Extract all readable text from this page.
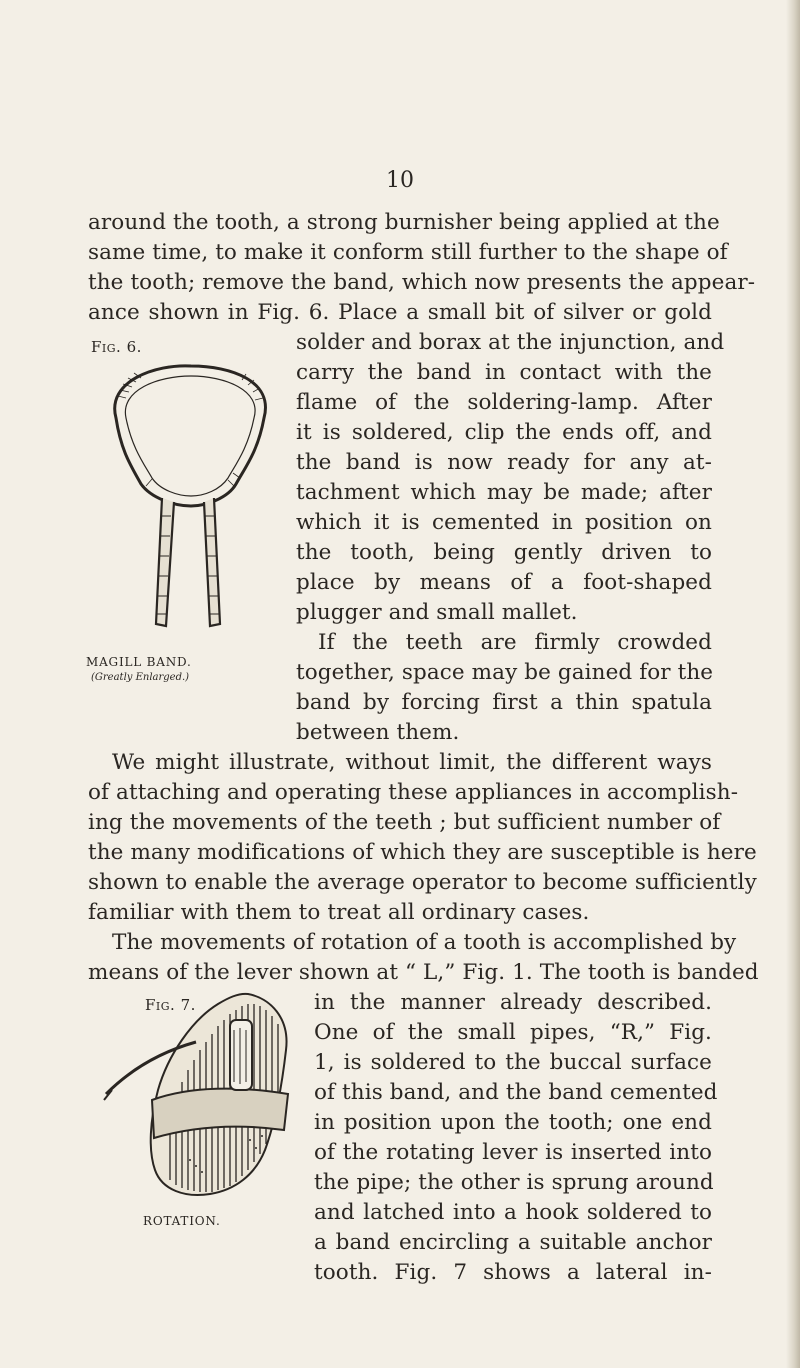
10
around the tooth, a strong burnisher being applied at the
same time, to make it conform still further to the shape of
the tooth; remove the band, which now presents the appear-
ance shown in Fig. 6. Place a small bit of silver or gold
Fig. 6.
MAGILL BAND.
(Greatly Enlarged.)
solder and borax at the injunction, and
carry the band in contact with the
flame of the soldering-lamp. After
it is soldered, clip the ends off, and
the band is now ready for any at-
tachment which may be made; after
which it is cemented in position on
the tooth, being gently driven to
place by means of a foot-shaped
plugger and small mallet.
If the teeth are firmly crowded
together, space may be gained for the
band by forcing first a thin spatula
between them.
We might illustrate, without limit, the different ways
of attaching and operating these appliances in accomplish-
ing the movements of the teeth ; but sufficient number of
the many modifications of which they are susceptible is here
shown to enable the average operator to become sufficiently
familiar with them to treat all ordinary cases.
The movements of rotation of a tooth is accomplished by
means of the lever shown at “ L,” Fig. 1. The tooth is banded
Fig. 7.
ROTATION.
in the manner already described.
One of the small pipes, “R,” Fig.
1, is soldered to the buccal surface
of this band, and the band cemented
in position upon the tooth; one end
of the rotating lever is inserted into
the pipe; the other is sprung around
and latched into a hook soldered to
a band encircling a suitable anchor
tooth. Fig. 7 shows a lateral in-
